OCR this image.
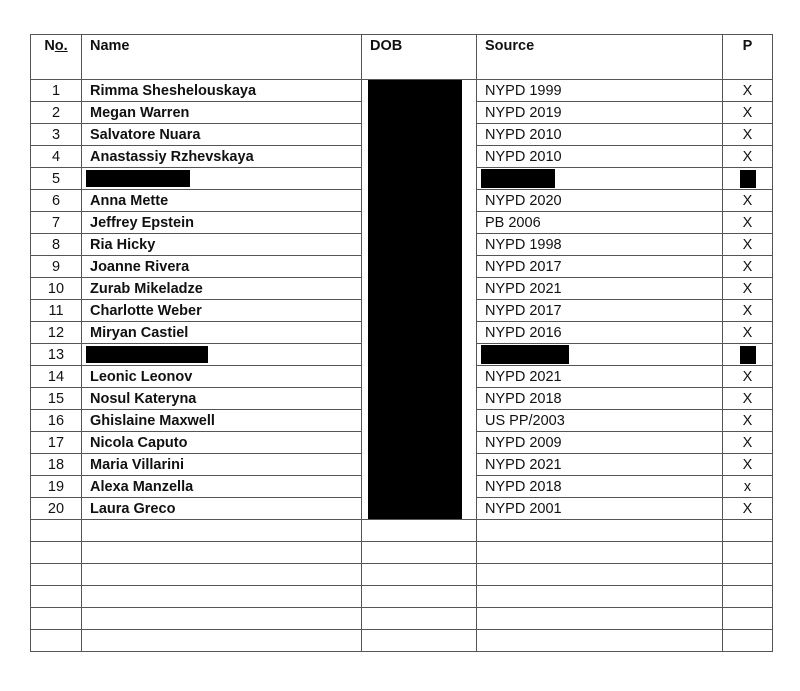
No.	Name	DOB	Source	P
1	Rimma Sheshelouskaya		NYPD 1999	X
2	Megan Warren		NYPD 2019	X
3	Salvatore Nuara		NYPD 2010	X
4	Anastassiy Rzhevskaya		NYPD 2010	X
5				
6	Anna Mette		NYPD 2020	X
7	Jeffrey Epstein		PB 2006	X
8	Ria Hicky		NYPD 1998	X
9	Joanne Rivera		NYPD 2017	X
10	Zurab Mikeladze		NYPD 2021	X
11	Charlotte Weber		NYPD 2017	X
12	Miryan Castiel		NYPD 2016	X
13				
14	Leonic Leonov		NYPD 2021	X
15	Nosul Kateryna		NYPD 2018	X
16	Ghislaine Maxwell		US PP/2003	X
17	Nicola Caputo		NYPD 2009	X
18	Maria Villarini		NYPD 2021	X
19	Alexa Manzella		NYPD 2018	x
20	Laura Greco		NYPD 2001	X
